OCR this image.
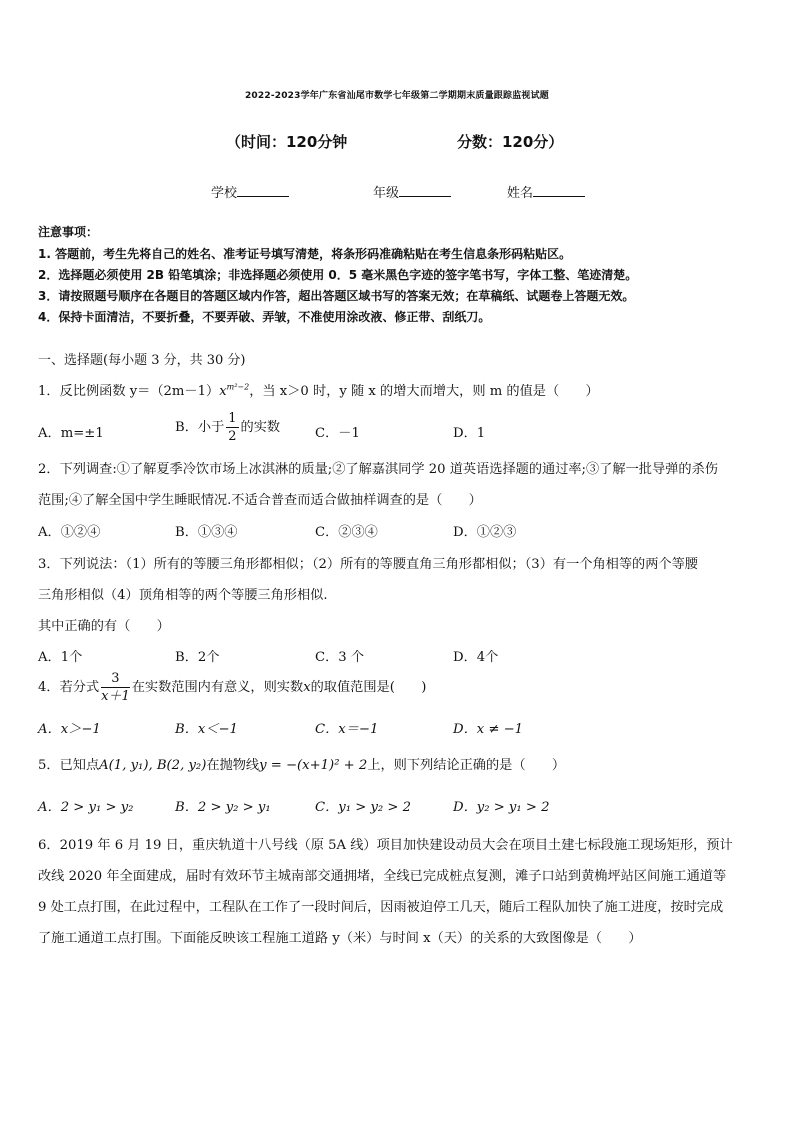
2022-2023学年广东省汕尾市数学七年级第二学期期末质量跟踪监视试题
（时间：120分钟	分数：120分）
学校	年级	姓名
注意事项：
1. 答题前，考生先将自己的姓名、准考证号填写清楚，将条形码准确粘贴在考生信息条形码粘贴区。
2．选择题必须使用 2B 铅笔填涂；非选择题必须使用 0．5 毫米黑色字迹的签字笔书写，字体工整、笔迹清楚。
3．请按照题号顺序在各题目的答题区域内作答，超出答题区域书写的答案无效；在草稿纸、试题卷上答题无效。
4．保持卡面清洁，不要折叠，不要弄破、弄皱，不准使用涂改液、修正带、刮纸刀。
一、选择题(每小题 3 分，共 30 分)
1．反比例函数 $y=(2m-1)x^{m^2-2}$，当 x＞0 时，y 随 x 的增大而增大，则 m 的值是（　　）
A．m=±1	B．小于 $\frac{1}{2}$ 的实数	C．－1	D．1
2．下列调查:①了解夏季冷饮市场上冰淇淋的质量;②了解嘉淇同学 20 道英语选择题的通过率;③了解一批导弹的杀伤
范围;④了解全国中学生睡眠情况.不适合普查而适合做抽样调查的是（　　）
A．①②④	B．①③④	C．②③④	D．①②③
3．下列说法：（1）所有的等腰三角形都相似；（2）所有的等腰直角三角形都相似；（3）有一个角相等的两个等腰
三角形相似（4）顶角相等的两个等腰三角形相似.
其中正确的有（　　）
A．1个	B．2个	C．3 个	D．4个
4．若分式 $\frac{3}{x+1}$ 在实数范围内有意义，则实数x的取值范围是(　　)
A．x＞−1	B．x＜−1	C．x＝−1	D．x ≠ −1
5．已知点A(1, y₁), B(2, y₂)在抛物线y = −(x+1)² + 2上，则下列结论正确的是（　　）
A．2 > y₁ > y₂	B．2 > y₂ > y₁	C．y₁ > y₂ > 2	D．y₂ > y₁ > 2
6．2019 年 6 月 19 日，重庆轨道十八号线（原 5A 线）项目加快建设动员大会在项目土建七标段施工现场矩形，预计
改线 2020 年全面建成，届时有效环节主城南部交通拥堵，全线已完成桩点复测，滩子口站到黄桷坪站区间施工通道等
9 处工点打围，在此过程中，工程队在工作了一段时间后，因雨被迫停工几天，随后工程队加快了施工进度，按时完成
了施工通道工点打围。下面能反映该工程施工道路 y（米）与时间 x（天）的关系的大致图像是（　　）
